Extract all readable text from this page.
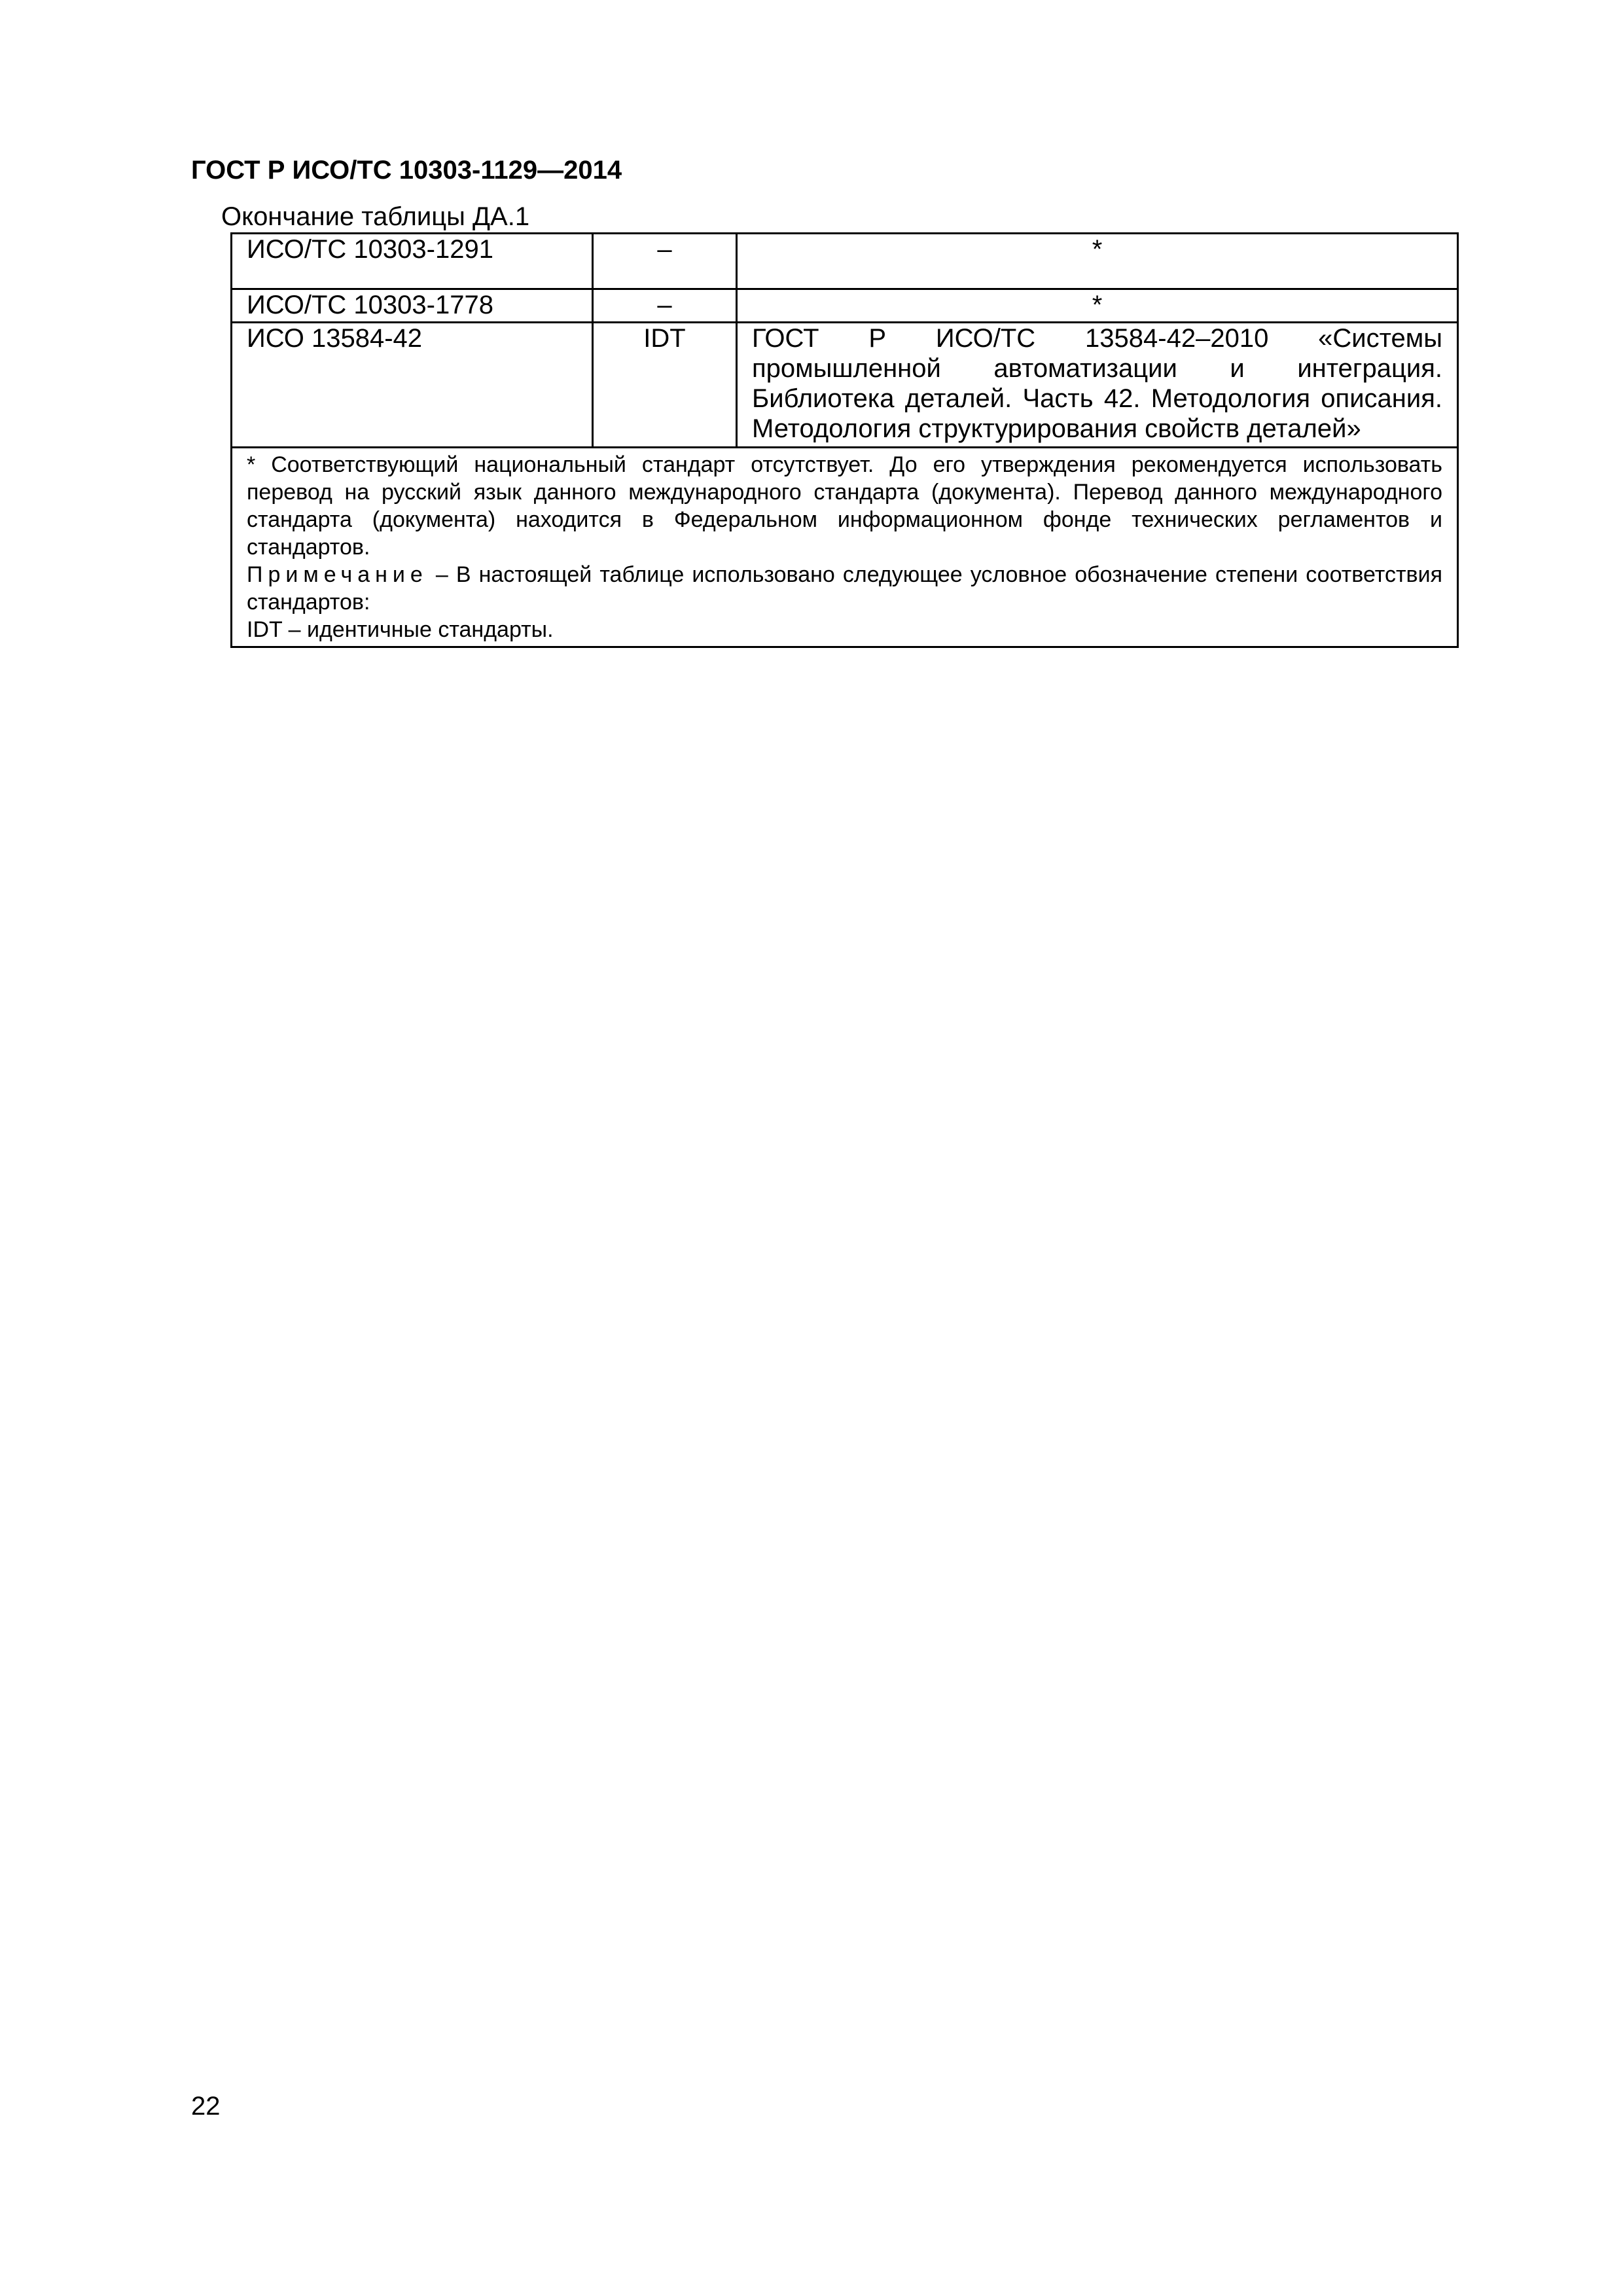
ГОСТ Р ИСО/ТС 10303-1129—2014
Окончание таблицы ДА.1
ИСО/ТС 10303-1291	–	*
ИСО/ТС 10303-1778	–	*
ИСО 13584-42	IDT	ГОСТ Р ИСО/ТС 13584-42–2010 «Системы промышленной автоматизации и интеграция. Библиотека деталей. Часть 42. Методология описания. Методология структурирования свойств деталей»

* Соответствующий национальный стандарт отсутствует. До его утверждения рекомендуется использовать перевод на русский язык данного международного стандарта (документа). Перевод данного международного стандарта (документа) находится в Федеральном информационном фонде технических регламентов и стандартов.

Примечание – В настоящей таблице использовано следующее условное обозначение степени соответствия стандартов:

IDT – идентичные стандарты.		

22
